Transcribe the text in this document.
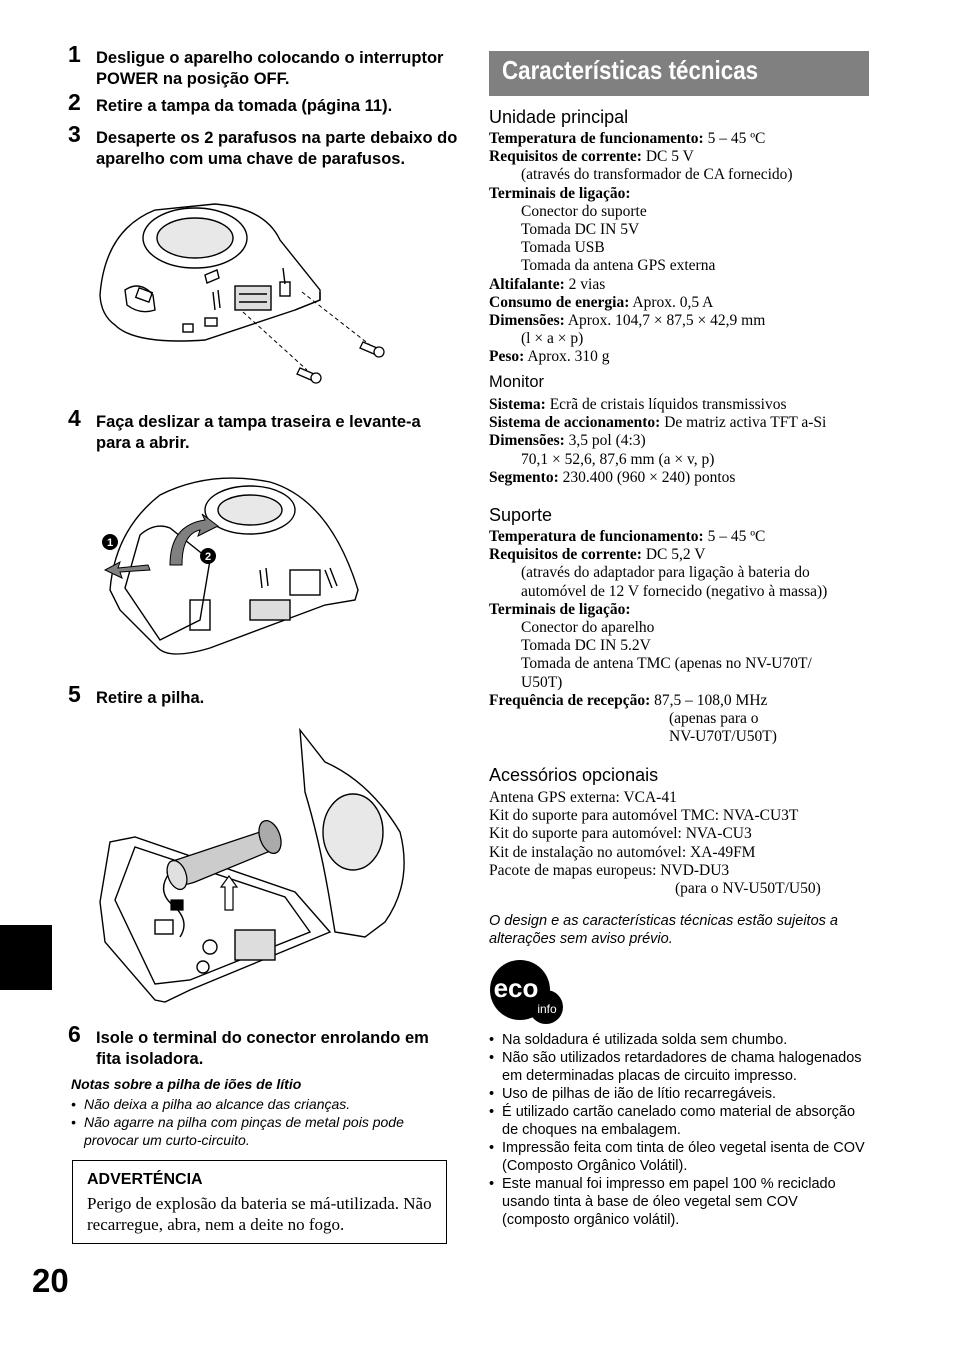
1 Desligue o aparelho colocando o interruptor POWER na posição OFF.
2 Retire a tampa da tomada (página 11).
3 Desaperte os 2 parafusos na parte debaixo do aparelho com uma chave de parafusos.
4 Faça deslizar a tampa traseira e levante-a para a abrir.
1
2
5 Retire a pilha.
6 Isole o terminal do conector enrolando em fita isoladora.
Notas sobre a pilha de iões de lítio
• Não deixa a pilha ao alcance das crianças.
• Não agarre na pilha com pinças de metal pois pode provocar um curto-circuito.
ADVERTÉNCIA
Perigo de explosão da bateria se má-utilizada. Não recarregue, abra, nem a deite no fogo.
20
Características técnicas
Unidade principal
Temperatura de funcionamento: 5 – 45 ºC
Requisitos de corrente: DC 5 V
(através do transformador de CA fornecido)
Terminais de ligação:
Conector do suporte
Tomada DC IN 5V
Tomada USB
Tomada da antena GPS externa
Altifalante: 2 vias
Consumo de energia: Aprox. 0,5 A
Dimensões: Aprox. 104,7 × 87,5 × 42,9 mm
(l × a × p)
Peso: Aprox. 310 g
Monitor
Sistema: Ecrã de cristais líquidos transmissivos
Sistema de accionamento: De matriz activa TFT a-Si
Dimensões: 3,5 pol (4:3)
70,1 × 52,6, 87,6 mm (a × v, p)
Segmento: 230.400 (960 × 240) pontos
Suporte
Temperatura de funcionamento: 5 – 45 ºC
Requisitos de corrente: DC 5,2 V
(através do adaptador para ligação à bateria do
automóvel de 12 V fornecido (negativo à massa))
Terminais de ligação:
Conector do aparelho
Tomada DC IN 5.2V
Tomada de antena TMC (apenas no NV-U70T/
U50T)
Frequência de recepção: 87,5 – 108,0 MHz
(apenas para o
NV-U70T/U50T)
Acessórios opcionais
Antena GPS externa: VCA-41
Kit do suporte para automóvel TMC: NVA-CU3T
Kit do suporte para automóvel: NVA-CU3
Kit de instalação no automóvel: XA-49FM
Pacote de mapas europeus: NVD-DU3
(para o NV-U50T/U50)
O design e as características técnicas estão sujeitos a alterações sem aviso prévio.
eco
info
• Na soldadura é utilizada solda sem chumbo.
• Não são utilizados retardadores de chama halogenados em determinadas placas de circuito impresso.
• Uso de pilhas de ião de lítio recarregáveis.
• É utilizado cartão canelado como material de absorção de choques na embalagem.
• Impressão feita com tinta de óleo vegetal isenta de COV (Composto Orgânico Volátil).
• Este manual foi impresso em papel 100 % reciclado usando tinta à base de óleo vegetal sem COV (composto orgânico volátil).
